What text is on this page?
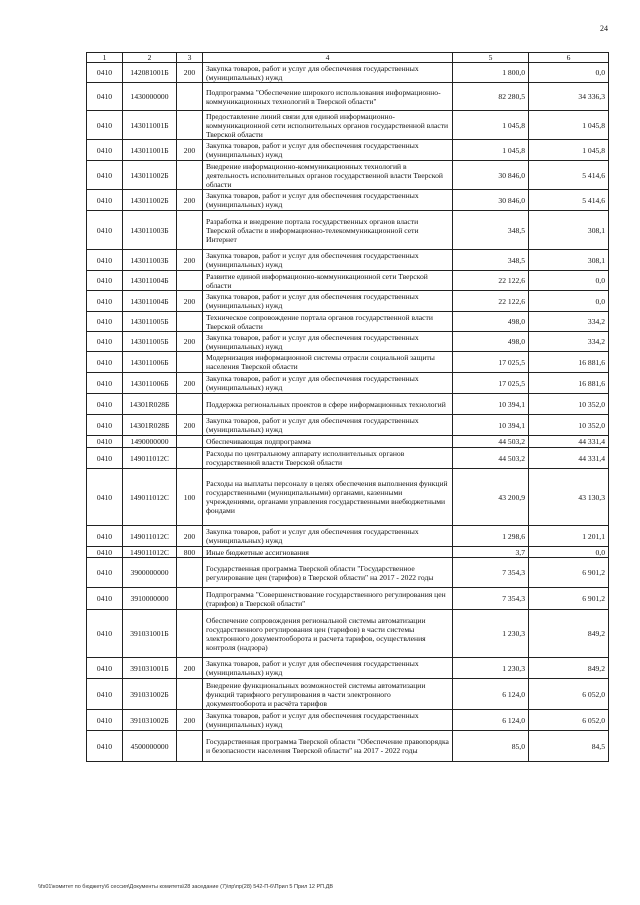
24
1	2	3	4	5	6
0410	142081001Б	200	Закупка товаров, работ и услуг для обеспечения государственных (муниципальных) нужд	1 800,0	0,0
0410	1430000000		Подпрограмма "Обеспечение широкого использования информационно-коммуникационных технологий в Тверской области"	82 280,5	34 336,3
0410	143011001Б		Предоставление линий связи для единой информационно-коммуникационной сети исполнительных органов государственной власти Тверской области	1 045,8	1 045,8
0410	143011001Б	200	Закупка товаров, работ и услуг для обеспечения государственных (муниципальных) нужд	1 045,8	1 045,8
0410	143011002Б		Внедрение информационно-коммуникационных технологий в деятельность исполнительных органов государственной власти Тверской области	30 846,0	5 414,6
0410	143011002Б	200	Закупка товаров, работ и услуг для обеспечения государственных (муниципальных) нужд	30 846,0	5 414,6
0410	143011003Б		Разработка и внедрение портала государственных органов власти Тверской области в информационно-телекоммуникационной сети Интернет	348,5	308,1
0410	143011003Б	200	Закупка товаров, работ и услуг для обеспечения государственных (муниципальных) нужд	348,5	308,1
0410	143011004Б		Развитие единой информационно-коммуникационной сети Тверской области	22 122,6	0,0
0410	143011004Б	200	Закупка товаров, работ и услуг для обеспечения государственных (муниципальных) нужд	22 122,6	0,0
0410	143011005Б		Техническое сопровождение портала органов государственной власти Тверской области	498,0	334,2
0410	143011005Б	200	Закупка товаров, работ и услуг для обеспечения государственных (муниципальных) нужд	498,0	334,2
0410	143011006Б		Модернизация информационной системы отрасли социальной защиты населения Тверской области	17 025,5	16 881,6
0410	143011006Б	200	Закупка товаров, работ и услуг для обеспечения государственных (муниципальных) нужд	17 025,5	16 881,6
0410	14301R028Б		Поддержка региональных проектов в сфере информационных технологий	10 394,1	10 352,0
0410	14301R028Б	200	Закупка товаров, работ и услуг для обеспечения государственных (муниципальных) нужд	10 394,1	10 352,0
0410	1490000000		Обеспечивающая подпрограмма	44 503,2	44 331,4
0410	149011012С		Расходы по центральному аппарату исполнительных органов государственной власти Тверской области	44 503,2	44 331,4
0410	149011012С	100	Расходы на выплаты персоналу в целях обеспечения выполнения функций государственными (муниципальными) органами, казенными учреждениями, органами управления государственными внебюджетными фондами	43 200,9	43 130,3
0410	149011012С	200	Закупка товаров, работ и услуг для обеспечения государственных (муниципальных) нужд	1 298,6	1 201,1
0410	149011012С	800	Иные бюджетные ассигнования	3,7	0,0
0410	3900000000		Государственная программа Тверской области "Государственное регулирование цен (тарифов) в Тверской области" на 2017 - 2022 годы	7 354,3	6 901,2
0410	3910000000		Подпрограмма "Совершенствование государственного регулирования цен (тарифов) в Тверской области"	7 354,3	6 901,2
0410	391031001Б		Обеспечение сопровождения региональной системы автоматизации государственного регулирования цен (тарифов) в части системы электронного документооборота и расчета тарифов, осуществления контроля (надзора)	1 230,3	849,2
0410	391031001Б	200	Закупка товаров, работ и услуг для обеспечения государственных (муниципальных) нужд	1 230,3	849,2
0410	391031002Б		Внедрение функциональных возможностей системы автоматизации функций тарифного регулирования в части электронного документооборота и расчёта тарифов	6 124,0	6 052,0
0410	391031002Б	200	Закупка товаров, работ и услуг для обеспечения государственных (муниципальных) нужд	6 124,0	6 052,0
0410	4500000000		Государственная программа Тверской области "Обеспечение правопорядка и безопасности населения Тверской области" на 2017 - 2022 годы	85,0	84,5
\\fs01\комитет по бюджету\6 сессия\Документы комитета\28 заседание (7)\пр\пр(28) 542-П-6\Прил 5 Прил 12 РП.ДВ
